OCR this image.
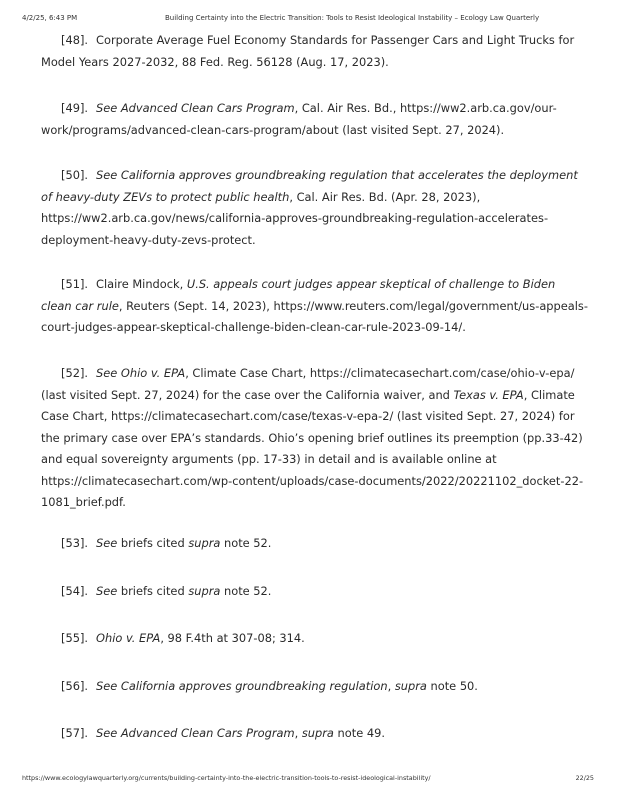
4/2/25, 6:43 PM	Building Certainty into the Electric Transition: Tools to Resist Ideological Instability – Ecology Law Quarterly

[48]. Corporate Average Fuel Economy Standards for Passenger Cars and Light Trucks for Model Years 2027-2032, 88 Fed. Reg. 56128 (Aug. 17, 2023).

[49]. See Advanced Clean Cars Program, Cal. Air Res. Bd., https://ww2.arb.ca.gov/our-work/programs/advanced-clean-cars-program/about (last visited Sept. 27, 2024).

[50]. See California approves groundbreaking regulation that accelerates the deployment of heavy-duty ZEVs to protect public health, Cal. Air Res. Bd. (Apr. 28, 2023), https://ww2.arb.ca.gov/news/california-approves-groundbreaking-regulation-accelerates-deployment-heavy-duty-zevs-protect.

[51]. Claire Mindock, U.S. appeals court judges appear skeptical of challenge to Biden clean car rule, Reuters (Sept. 14, 2023), https://www.reuters.com/legal/government/us-appeals-court-judges-appear-skeptical-challenge-biden-clean-car-rule-2023-09-14/.

[52]. See Ohio v. EPA, Climate Case Chart, https://climatecasechart.com/case/ohio-v-epa/ (last visited Sept. 27, 2024) for the case over the California waiver, and Texas v. EPA, Climate Case Chart, https://climatecasechart.com/case/texas-v-epa-2/ (last visited Sept. 27, 2024) for the primary case over EPA’s standards. Ohio’s opening brief outlines its preemption (pp.33-42) and equal sovereignty arguments (pp. 17-33) in detail and is available online at https://climatecasechart.com/wp-content/uploads/case-documents/2022/20221102_docket-22-1081_brief.pdf.

[53]. See briefs cited supra note 52.

[54]. See briefs cited supra note 52.

[55]. Ohio v. EPA, 98 F.4th at 307-08; 314.

[56]. See California approves groundbreaking regulation, supra note 50.

[57]. See Advanced Clean Cars Program, supra note 49.

https://www.ecologylawquarterly.org/currents/building-certainty-into-the-electric-transition-tools-to-resist-ideological-instability/	22/25
